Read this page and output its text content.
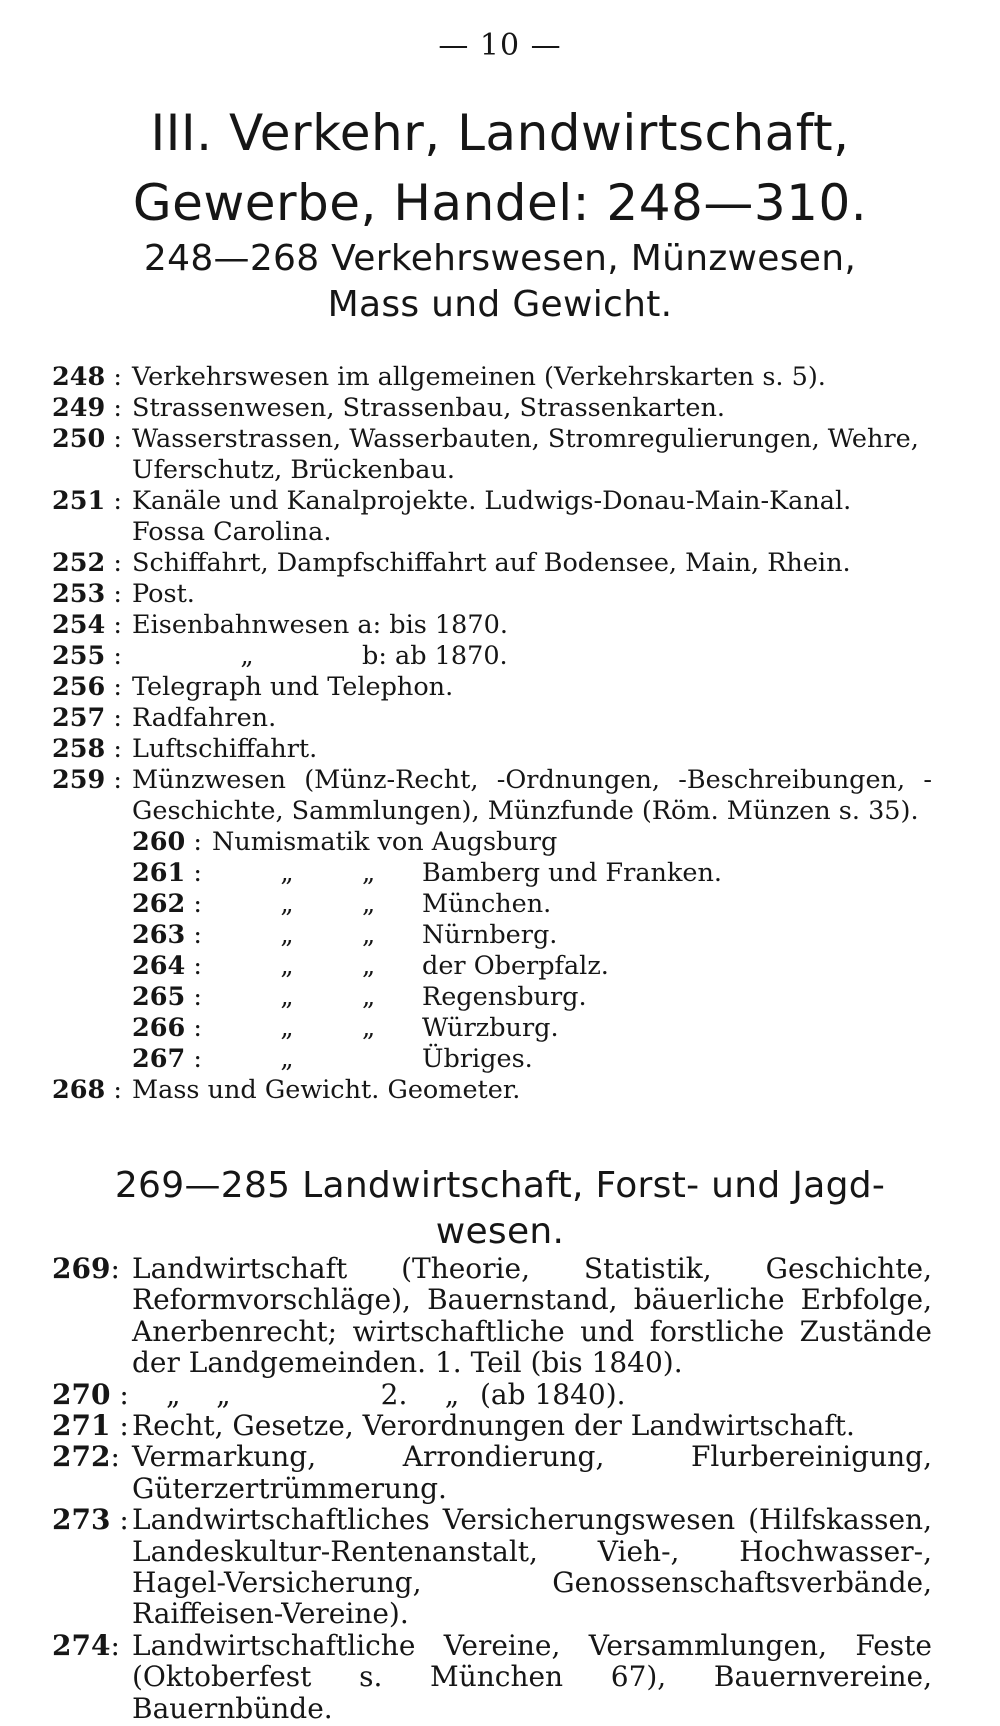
— 10 —
III. Verkehr, Landwirtschaft,
Gewerbe, Handel: 248—310.
248—268 Verkehrswesen, Münzwesen,
Mass und Gewicht.
248 : Verkehrswesen im allgemeinen (Verkehrskarten s. 5).
249 : Strassenwesen, Strassenbau, Strassenkarten.
250 : Wasserstrassen, Wasserbauten, Stromregulierungen, Wehre, Uferschutz, Brückenbau.
251 : Kanäle und Kanalprojekte. Ludwigs-Donau-Main-Kanal. Fossa Carolina.
252 : Schiffahrt, Dampfschiffahrt auf Bodensee, Main, Rhein.
253 : Post.
254 : Eisenbahnwesen a: bis 1870.
255 :	„	b: ab 1870.
256 : Telegraph und Telephon.
257 : Radfahren.
258 : Luftschiffahrt.
259 : Münzwesen (Münz-Recht, -Ordnungen, -Beschreibungen, -Geschichte, Sammlungen), Münzfunde (Röm. Münzen s. 35).
260 : Numismatik von Augsburg
261 :	„	„ Bamberg und Franken.
262 :	„	„ München.
263 :	„	„ Nürnberg.
264 :	„	„ der Oberpfalz.
265 :	„	„ Regensburg.
266 :	„	„ Würzburg.
267 :	„	Übriges.
268 : Mass und Gewicht. Geometer.
269—285 Landwirtschaft, Forst- und Jagd-
wesen.
269: Landwirtschaft (Theorie, Statistik, Geschichte, Reformvorschläge), Bauernstand, bäuerliche Erbfolge, Anerbenrecht; wirtschaftliche und forstliche Zustände der Landgemeinden. 1. Teil (bis 1840).
270 :	„ „	2. „ (ab 1840).
271 : Recht, Gesetze, Verordnungen der Landwirtschaft.
272: Vermarkung, Arrondierung, Flurbereinigung, Güterzertrümmerung.
273 : Landwirtschaftliches Versicherungswesen (Hilfskassen, Landeskultur-Rentenanstalt, Vieh-, Hochwasser-, Hagel-Versicherung, Genossenschaftsverbände, Raiffeisen-Vereine).
274: Landwirtschaftliche Vereine, Versammlungen, Feste (Oktoberfest s. München 67), Bauernvereine, Bauernbünde.
